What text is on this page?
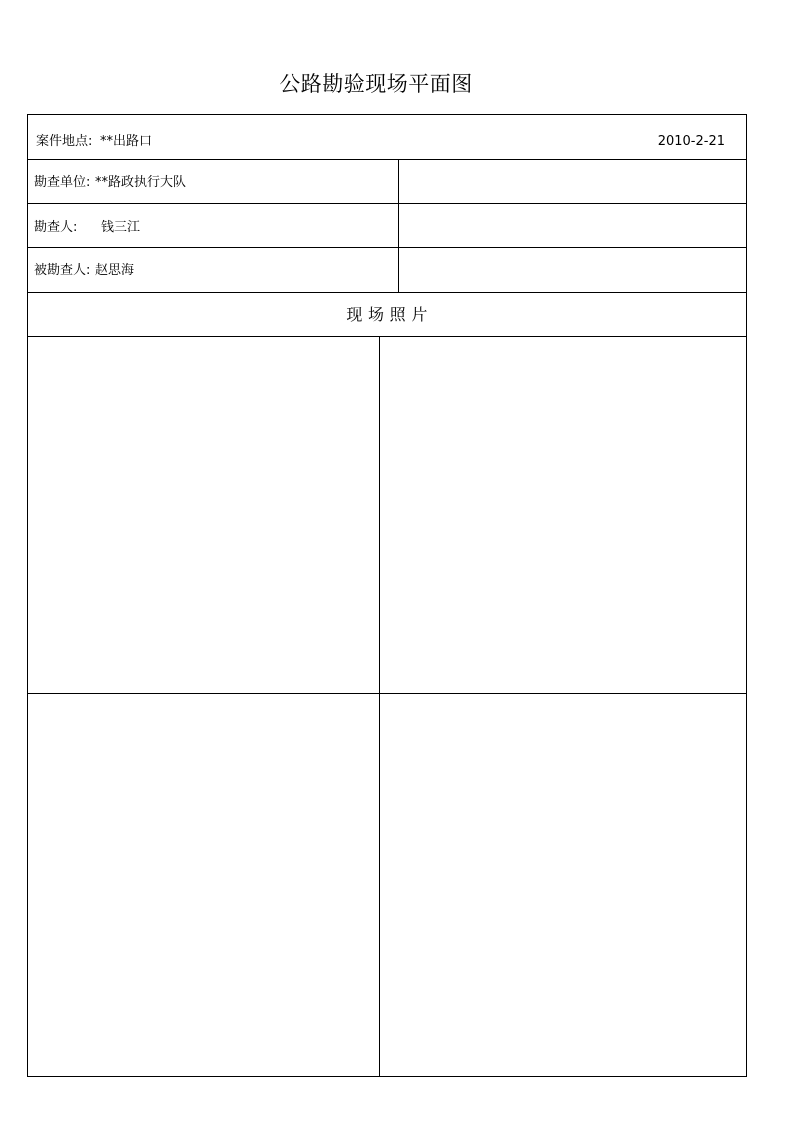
公路勘验现场平面图
案件地点: **出路口	2010-2-21
勘查单位: **路政执行大队
勘查人: 钱三江
被勘查人: 赵思海
现 场 照 片
